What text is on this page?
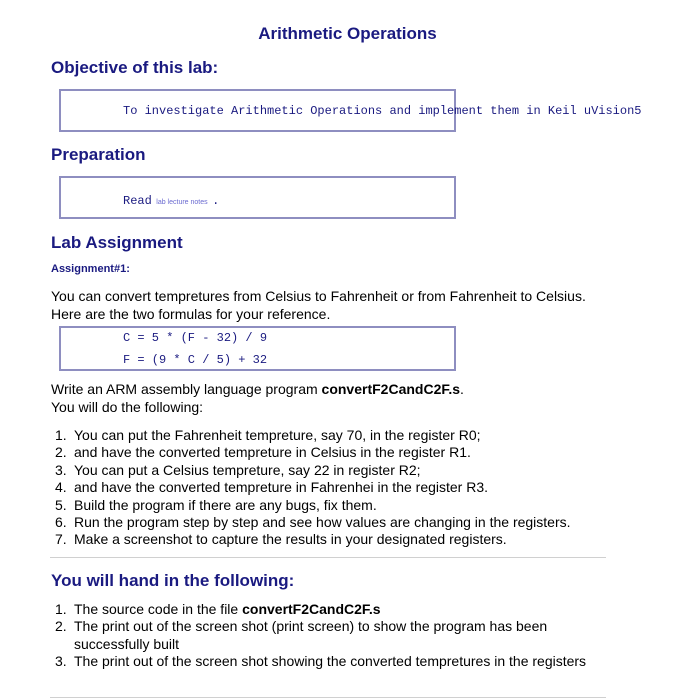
Arithmetic Operations
Objective of this lab:
To investigate Arithmetic Operations and implement them in Keil uVision5
Preparation
Read lab lecture notes .
Lab Assignment
Assignment#1:
You can convert tempretures from Celsius to Fahrenheit or from Fahrenheit to Celsius. Here are the two formulas for your reference.
C = 5 * (F - 32) / 9
F = (9 * C / 5) + 32
Write an ARM assembly language program convertF2CandC2F.s.
You will do the following:
1. You can put the Fahrenheit tempreture, say 70, in the register R0;
2. and have the converted tempreture in Celsius in the register R1.
3. You can put a Celsius tempreture, say 22 in register R2;
4. and have the converted tempreture in Fahrenhei in the register R3.
5. Build the program if there are any bugs, fix them.
6. Run the program step by step and see how values are changing in the registers.
7. Make a screenshot to capture the results in your designated registers.
You will hand in the following:
1. The source code in the file convertF2CandC2F.s
2. The print out of the screen shot (print screen) to show the program has been successfully built
3. The print out of the screen shot showing the converted tempretures in the registers
